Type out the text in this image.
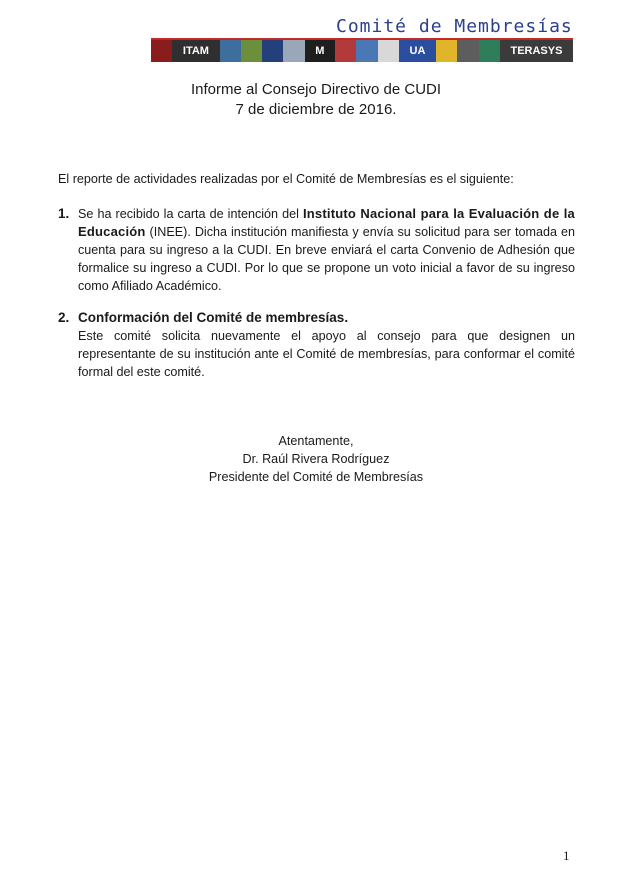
Comité de Membresías
ITAM	M	UA	TERASYS
Informe al Consejo Directivo de CUDI
7 de diciembre de 2016.
El reporte de actividades realizadas por el Comité de Membresías es el siguiente:
1. Se ha recibido la carta de intención del Instituto Nacional para la Evaluación de la Educación (INEE). Dicha institución manifiesta y envía su solicitud para ser tomada en cuenta para su ingreso a la CUDI. En breve enviará el carta Convenio de Adhesión que formalice su ingreso a CUDI. Por lo que se propone un voto inicial a favor de su ingreso como Afiliado Académico.
2. Conformación del Comité de membresías.
Este comité solicita nuevamente el apoyo al consejo para que designen un representante de su institución ante el Comité de membresías, para conformar el comité formal del este comité.
Atentamente,
Dr. Raúl Rivera Rodríguez
Presidente del Comité de Membresías
1
